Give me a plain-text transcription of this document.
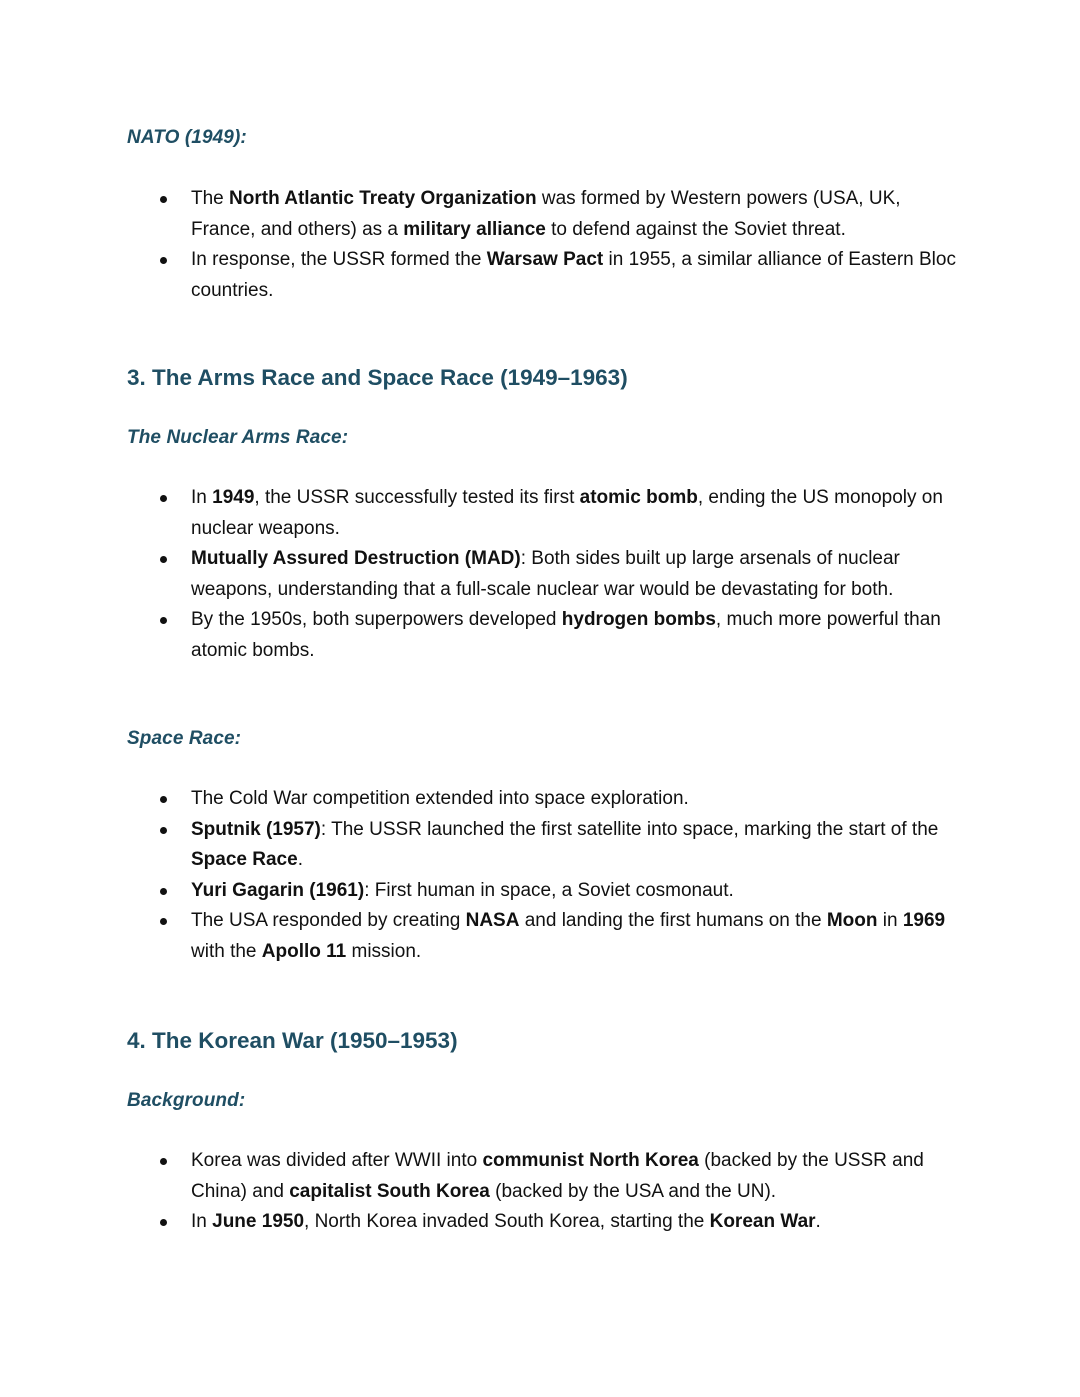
NATO (1949):
The North Atlantic Treaty Organization was formed by Western powers (USA, UK, France, and others) as a military alliance to defend against the Soviet threat.
In response, the USSR formed the Warsaw Pact in 1955, a similar alliance of Eastern Bloc countries.
3. The Arms Race and Space Race (1949–1963)
The Nuclear Arms Race:
In 1949, the USSR successfully tested its first atomic bomb, ending the US monopoly on nuclear weapons.
Mutually Assured Destruction (MAD): Both sides built up large arsenals of nuclear weapons, understanding that a full-scale nuclear war would be devastating for both.
By the 1950s, both superpowers developed hydrogen bombs, much more powerful than atomic bombs.
Space Race:
The Cold War competition extended into space exploration.
Sputnik (1957): The USSR launched the first satellite into space, marking the start of the Space Race.
Yuri Gagarin (1961): First human in space, a Soviet cosmonaut.
The USA responded by creating NASA and landing the first humans on the Moon in 1969 with the Apollo 11 mission.
4. The Korean War (1950–1953)
Background:
Korea was divided after WWII into communist North Korea (backed by the USSR and China) and capitalist South Korea (backed by the USA and the UN).
In June 1950, North Korea invaded South Korea, starting the Korean War.
